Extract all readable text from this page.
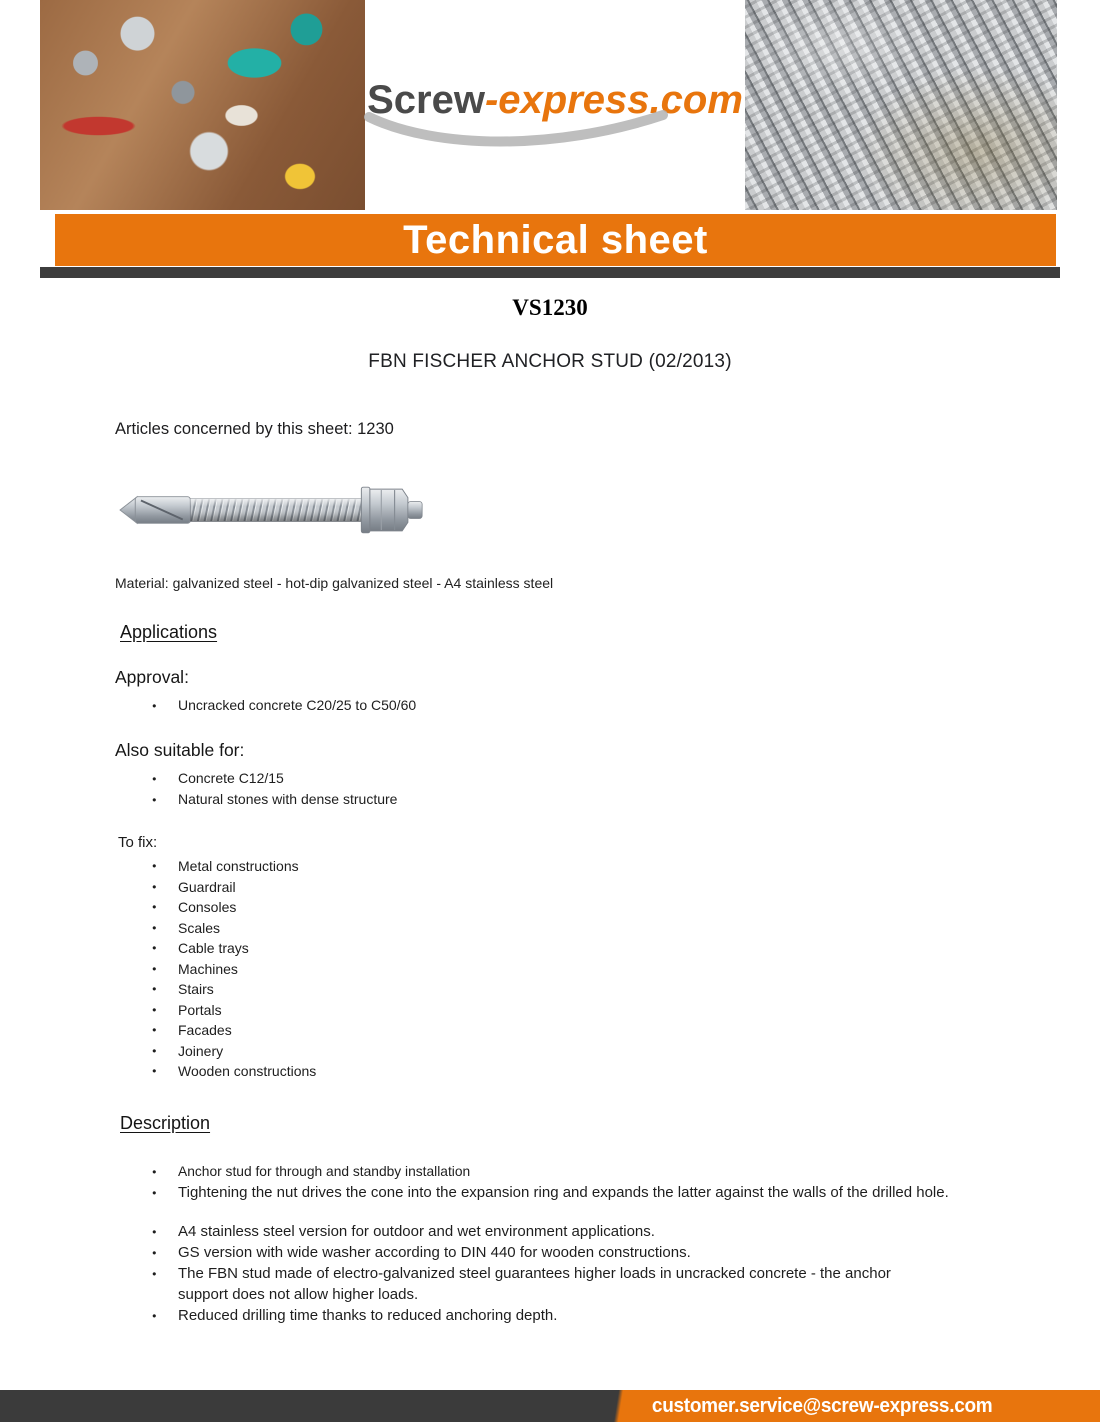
Screw-express.com
Technical sheet
VS1230
FBN FISCHER ANCHOR STUD (02/2013)

Articles concerned by this sheet: 1230

Material: galvanized steel - hot-dip galvanized steel - A4 stainless steel

Applications
Approval:
● Uncracked concrete C20/25 to C50/60
Also suitable for:
● Concrete C12/15
● Natural stones with dense structure
To fix:
● Metal constructions
● Guardrail
● Consoles
● Scales
● Cable trays
● Machines
● Stairs
● Portals
● Facades
● Joinery
● Wooden constructions
Description
● Anchor stud for through and standby installation
● Tightening the nut drives the cone into the expansion ring and expands the latter against the walls of the drilled hole.
● A4 stainless steel version for outdoor and wet environment applications.
● GS version with wide washer according to DIN 440 for wooden constructions.
● The FBN stud made of electro-galvanized steel guarantees higher loads in uncracked concrete - the anchor support does not allow higher loads.
● Reduced drilling time thanks to reduced anchoring depth.
customer.service@screw-express.com
